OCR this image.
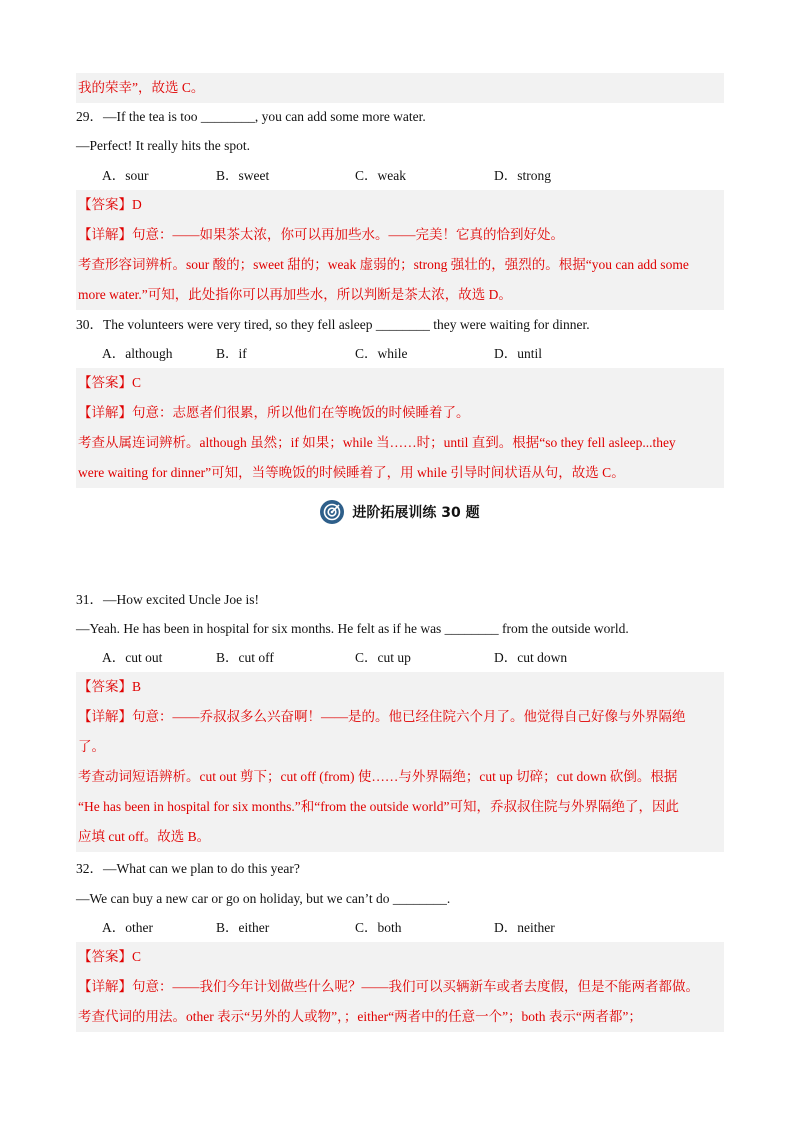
我的荣幸”，故选 C。
29．—If the tea is too ________, you can add some more water.
—Perfect! It really hits the spot.
A．sour	B．sweet	C．weak	D．strong
【答案】D
【详解】句意：——如果茶太浓，你可以再加些水。——完美！它真的恰到好处。
考查形容词辨析。sour 酸的；sweet 甜的；weak 虚弱的；strong 强壮的，强烈的。根据“you can add some
more water.”可知，此处指你可以再加些水，所以判断是茶太浓，故选 D。
30．The volunteers were very tired, so they fell asleep ________ they were waiting for dinner.
A．although	B．if	C．while	D．until
【答案】C
【详解】句意：志愿者们很累，所以他们在等晚饭的时候睡着了。
考查从属连词辨析。although 虽然；if 如果；while 当……时；until 直到。根据“so they fell asleep...they
were waiting for dinner”可知，当等晚饭的时候睡着了，用 while 引导时间状语从句，故选 C。
进阶拓展训练 30 题
31．—How excited Uncle Joe is!
—Yeah. He has been in hospital for six months. He felt as if he was ________ from the outside world.
A．cut out	B．cut off	C．cut up	D．cut down
【答案】B
【详解】句意：——乔叔叔多么兴奋啊！——是的。他已经住院六个月了。他觉得自己好像与外界隔绝
了。
考查动词短语辨析。cut out 剪下；cut off (from) 使……与外界隔绝；cut up 切碎；cut down 砍倒。根据
“He has been in hospital for six months.”和“from the outside world”可知，乔叔叔住院与外界隔绝了，因此
应填 cut off。故选 B。
32．—What can we plan to do this year?
—We can buy a new car or go on holiday, but we can’t do ________.
A．other	B．either	C．both	D．neither
【答案】C
【详解】句意：——我们今年计划做些什么呢？——我们可以买辆新车或者去度假，但是不能两者都做。
考查代词的用法。other 表示“另外的人或物”，；either“两者中的任意一个”；both 表示“两者都”；
